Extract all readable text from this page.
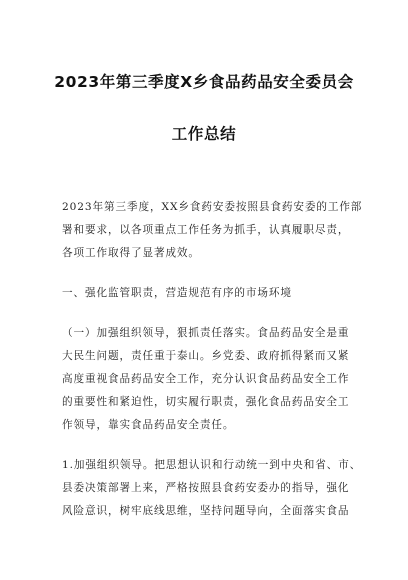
2023年第三季度X乡食品药品安全委员会
工作总结

2023年第三季度，XX乡食药安委按照县食药安委的工作部
署和要求，以各项重点工作任务为抓手，认真履职尽责，
各项工作取得了显著成效。

一、强化监管职责，营造规范有序的市场环境

（一）加强组织领导，狠抓责任落实。食品药品安全是重
大民生问题，责任重于泰山。乡党委、政府抓得紧而又紧
高度重视食品药品安全工作，充分认识食品药品安全工作
的重要性和紧迫性，切实履行职责，强化食品药品安全工
作领导，靠实食品药品安全责任。

1.加强组织领导。把思想认识和行动统一到中央和省、市、
县委决策部署上来，严格按照县食药安委办的指导，强化
风险意识，树牢底线思维，坚持问题导向，全面落实食品
